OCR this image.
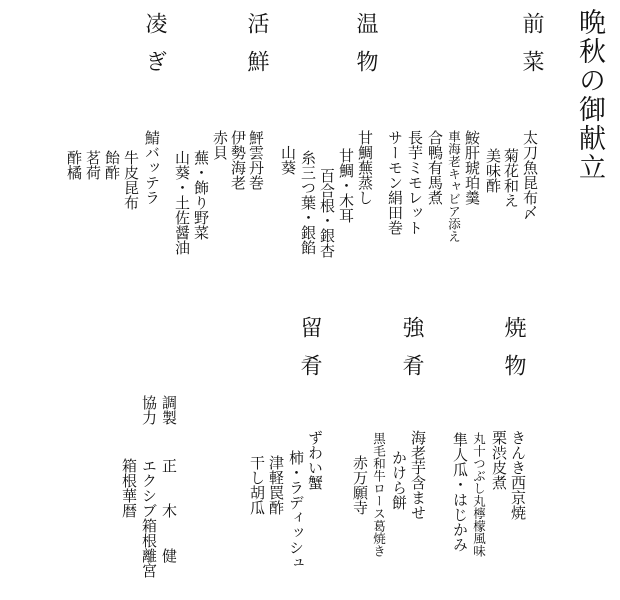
晩秋の御献立
前菜
温物
活鮮
凌ぎ
太刀魚昆布〆
菊花和え
美味酢
鮟肝琥珀羹
車海老キャビア添え
合鴨有馬煮
長芋ミモレット
サーモン絹田巻
甘鯛蕪蒸し
甘鯛・木耳
百合根・銀杏
糸三つ葉・銀餡
山葵
鮃雲丹巻
伊勢海老
赤貝
蕪・飾り野菜
山葵・土佐醤油
鯖バッテラ
牛皮昆布
飴酢
茗荷
酢橘
焼物
強肴
留肴
きんき西京焼
栗渋皮煮
丸十つぶし丸檸檬風味
隼人瓜・はじかみ
海老芋含ませ
かけら餅
黒毛和牛ロース葛焼き
赤万願寺
ずわい蟹
柿・ラディッシュ
津軽罠酢
干し胡瓜
調製
協力
正木健
エクシブ箱根離宮
箱根華暦
